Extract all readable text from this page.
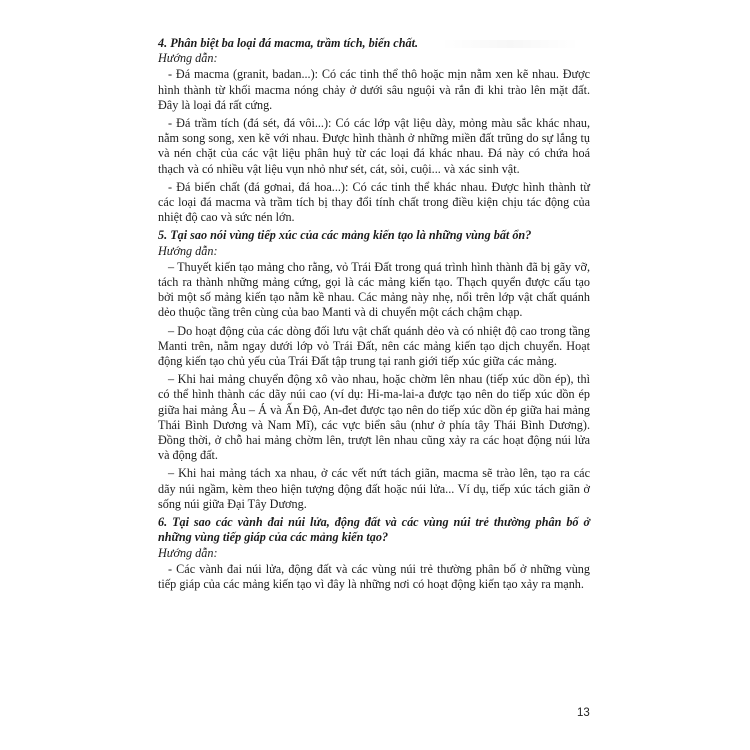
4. Phân biệt ba loại đá macma, trầm tích, biến chất.

Hướng dẫn:

- Đá macma (granit, badan...): Có các tinh thể thô hoặc mịn nằm xen kẽ nhau. Được hình thành từ khối macma nóng chảy ở dưới sâu nguội và rắn đi khi trào lên mặt đất. Đây là loại đá rất cứng.

- Đá trầm tích (đá sét, đá vôi...): Có các lớp vật liệu dày, mỏng màu sắc khác nhau, nằm song song, xen kẽ với nhau. Được hình thành ở những miền đất trũng do sự lắng tụ và nén chặt của các vật liệu phân huỷ từ các loại đá khác nhau. Đá này có chứa hoá thạch và có nhiều vật liệu vụn nhỏ như sét, cát, sỏi, cuội... và xác sinh vật.

- Đá biến chất (đá gơnai, đá hoa...): Có các tinh thể khác nhau. Được hình thành từ các loại đá macma và trầm tích bị thay đổi tính chất trong điều kiện chịu tác động của nhiệt độ cao và sức nén lớn.

5. Tại sao nói vùng tiếp xúc của các mảng kiến tạo là những vùng bất ổn?

Hướng dẫn:

– Thuyết kiến tạo mảng cho rằng, vỏ Trái Đất trong quá trình hình thành đã bị gãy vỡ, tách ra thành những mảng cứng, gọi là các mảng kiến tạo. Thạch quyển được cấu tạo bởi một số mảng kiến tạo nằm kề nhau. Các mảng này nhẹ, nổi trên lớp vật chất quánh dẻo thuộc tầng trên cùng của bao Manti và di chuyển một cách chậm chạp.

– Do hoạt động của các dòng đối lưu vật chất quánh dẻo và có nhiệt độ cao trong tầng Manti trên, nằm ngay dưới lớp vỏ Trái Đất, nên các mảng kiến tạo dịch chuyển. Hoạt động kiến tạo chủ yếu của Trái Đất tập trung tại ranh giới tiếp xúc giữa các mảng.

– Khi hai mảng chuyển động xô vào nhau, hoặc chờm lên nhau (tiếp xúc dồn ép), thì có thể hình thành các dãy núi cao (ví dụ: Hi-ma-lai-a được tạo nên do tiếp xúc dồn ép giữa hai mảng Âu – Á và Ấn Độ, An-đet được tạo nên do tiếp xúc dồn ép giữa hai mảng Thái Bình Dương và Nam Mĩ), các vực biển sâu (như ở phía tây Thái Bình Dương). Đồng thời, ở chỗ hai mảng chờm lên, trượt lên nhau cũng xảy ra các hoạt động núi lửa và động đất.

– Khi hai mảng tách xa nhau, ở các vết nứt tách giãn, macma sẽ trào lên, tạo ra các dãy núi ngầm, kèm theo hiện tượng động đất hoặc núi lửa... Ví dụ, tiếp xúc tách giãn ở sống núi giữa Đại Tây Dương.

6. Tại sao các vành đai núi lửa, động đất và các vùng núi trẻ thường phân bố ở những vùng tiếp giáp của các mảng kiến tạo?

Hướng dẫn:

- Các vành đai núi lửa, động đất và các vùng núi trẻ thường phân bố ở những vùng tiếp giáp của các mảng kiến tạo vì đây là những nơi có hoạt động kiến tạo xảy ra mạnh.

13
